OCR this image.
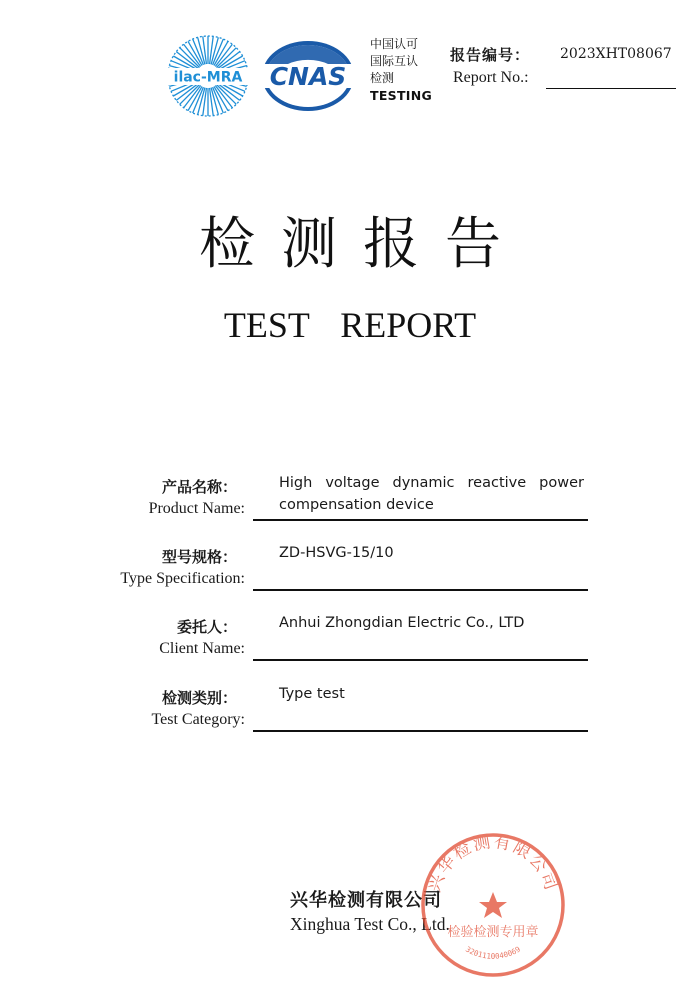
ilac-MRA CNAS
中国认可
国际互认
检测
TESTING
报告编号： 2023XHT08067
Report No.:
检测报告
TEST REPORT
产品名称：
Product Name:
High voltage dynamic reactive power compensation device
型号规格：
Type Specification:
ZD-HSVG-15/10
委托人：
Client Name:
Anhui Zhongdian Electric Co., LTD
检测类别：
Test Category:
Type test
兴华检测有限公司
Xinghua Test Co., Ltd.
兴华检测有限公司
检验检测专用章
3201110040069
